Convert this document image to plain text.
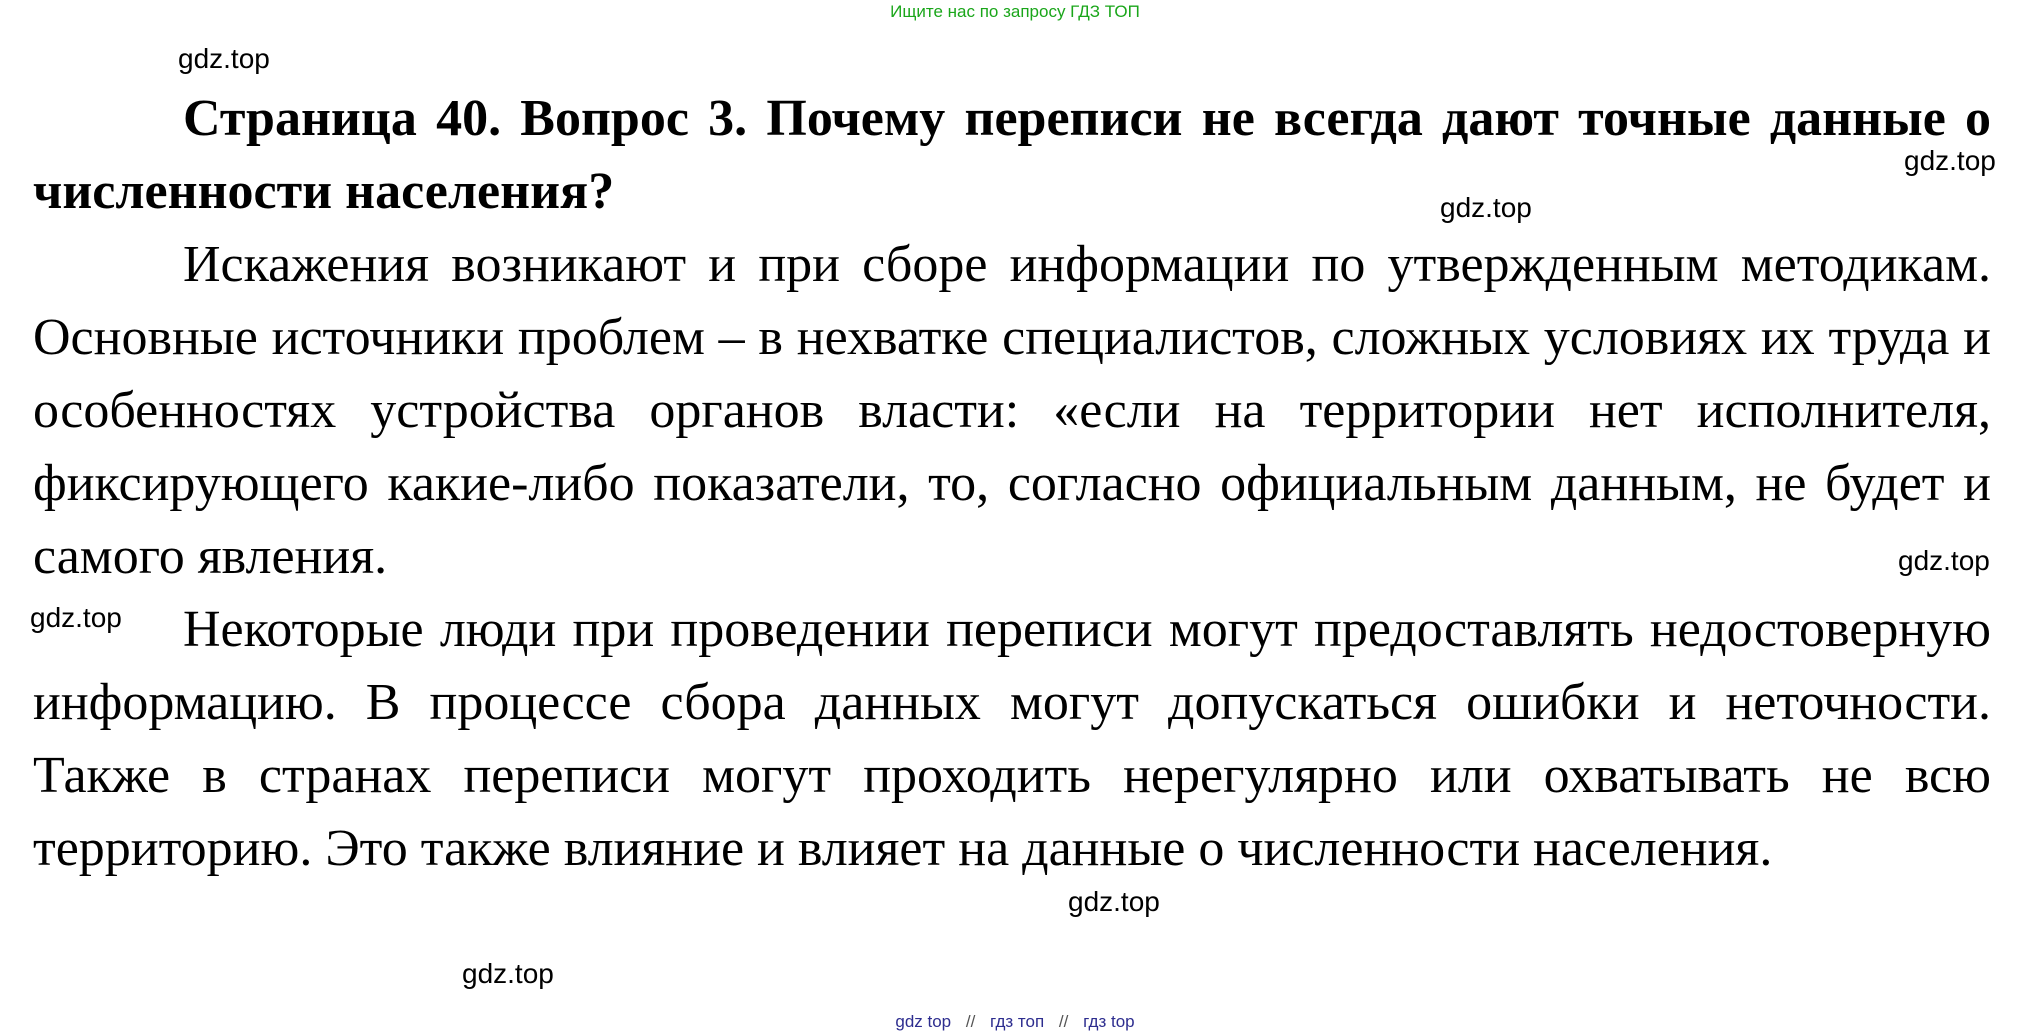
Ищите нас по запросу ГДЗ ТОП
gdz.top
gdz.top
gdz.top
gdz.top
gdz.top
gdz.top
gdz.top

Страница 40. Вопрос 3. Почему переписи не всегда дают точные данные о численности населения?

Искажения возникают и при сборе информации по утвержденным методикам. Основные источники проблем – в нехватке специалистов, сложных условиях их труда и особенностях устройства органов власти: «если на территории нет исполнителя, фиксирующего какие-либо показатели, то, согласно официальным данным, не будет и самого явления.

Некоторые люди при проведении переписи могут предоставлять недостоверную информацию. В процессе сбора данных могут допускаться ошибки и неточности. Также в странах переписи могут проходить нерегулярно или охватывать не всю территорию. Это также влияние и влияет на данные о численности населения.

gdz top // гдз топ // гдз top
